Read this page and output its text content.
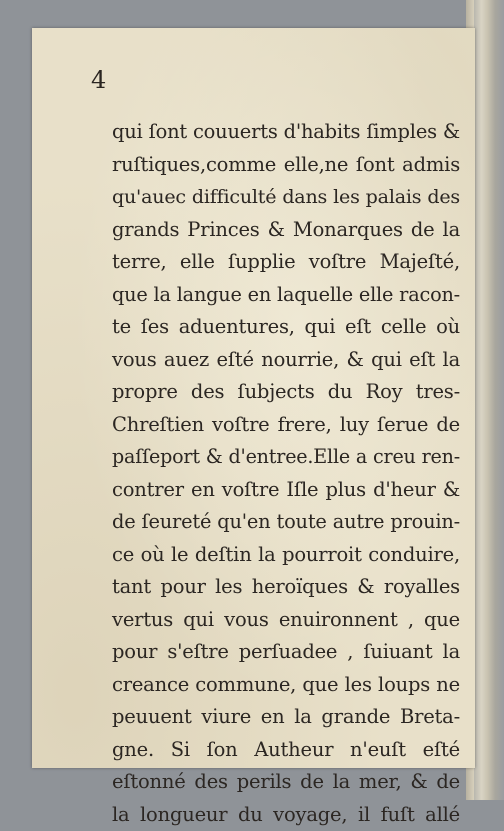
4

qui ſont couuerts d'habits ſimples &
ruſtiques,comme elle,ne ſont admis
qu'auec difficulté dans les palais des
grands Princes & Monarques de la
terre, elle ſupplie voſtre Majeſté,
que la langue en laquelle elle racon-
te ſes aduentures, qui eſt celle où
vous auez eſté nourrie, & qui eſt la
propre des ſubjects du Roy tres-
Chreſtien voſtre frere, luy ſerue de
paſſeport & d'entree.Elle a creu ren-
contrer en voſtre Iſle plus d'heur &
de ſeureté qu'en toute autre prouin-
ce où le deſtin la pourroit conduire,
tant pour les heroïques & royalles
vertus qui vous enuironnent , que
pour s'eſtre perſuadee , ſuiuant la
creance commune, que les loups ne
peuuent viure en la grande Breta-
gne. Si ſon Autheur n'euſt eſté
eſtonné des perils de la mer, & de
la longueur du voyage, il fuſt allé
